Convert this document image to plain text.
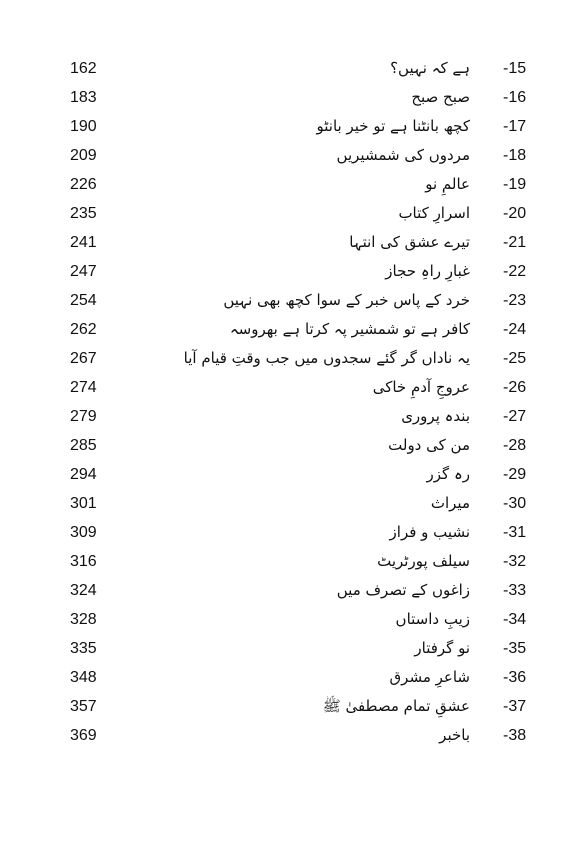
162	ہے کہ نہیں؟ -15
183	صبح صبح -16
190	کچھ بانٹنا ہے تو خیر بانٹو -17
209	مردوں کی شمشیریں -18
226	عالمِ نو -19
235	اسرارِ کتاب -20
241	تیرے عشق کی انتہا -21
247	غبارِ راہِ حجاز -22
254	خرد کے پاس خبر کے سوا کچھ بھی نہیں -23
262	کافر ہے تو شمشیر پہ کرتا ہے بھروسہ -24
267	یہ ناداں گر گئے سجدوں میں جب وقتِ قیام آیا -25
274	عروجِ آدمِ خاکی -26
279	بندہ پروری -27
285	من کی دولت -28
294	رہ گزر -29
301	میراث -30
309	نشیب و فراز -31
316	سیلف پورٹریٹ -32
324	زاغوں کے تصرف میں -33
328	زیبِ داستاں -34
335	نو گرفتار -35
348	شاعرِ مشرق -36
357	عشقِ تمام مصطفیٰ ﷺ -37
369	باخبر -38
